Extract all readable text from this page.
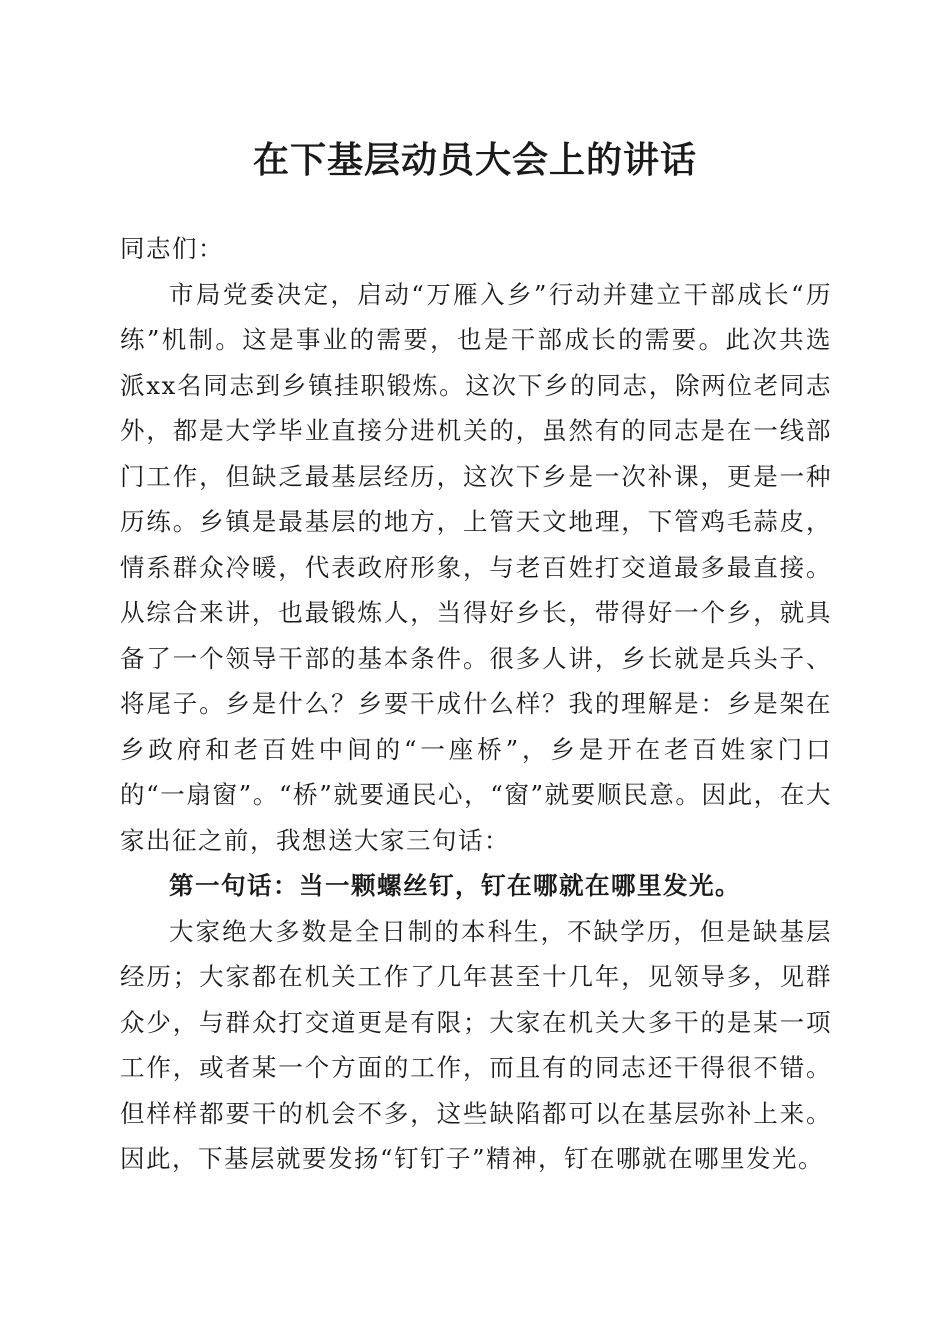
在下基层动员大会上的讲话

同志们：

市局党委决定，启动“万雁入乡”行动并建立干部成长“历练”机制。这是事业的需要，也是干部成长的需要。此次共选派xx名同志到乡镇挂职锻炼。这次下乡的同志，除两位老同志外，都是大学毕业直接分进机关的，虽然有的同志是在一线部门工作，但缺乏最基层经历，这次下乡是一次补课，更是一种历练。乡镇是最基层的地方，上管天文地理，下管鸡毛蒜皮，情系群众冷暖，代表政府形象，与老百姓打交道最多最直接。从综合来讲，也最锻炼人，当得好乡长，带得好一个乡，就具备了一个领导干部的基本条件。很多人讲，乡长就是兵头子、将尾子。乡是什么？乡要干成什么样？我的理解是：乡是架在乡政府和老百姓中间的“一座桥”，乡是开在老百姓家门口的“一扇窗”。“桥”就要通民心，“窗”就要顺民意。因此，在大家出征之前，我想送大家三句话：

第一句话：当一颗螺丝钉，钉在哪就在哪里发光。

大家绝大多数是全日制的本科生，不缺学历，但是缺基层经历；大家都在机关工作了几年甚至十几年，见领导多，见群众少，与群众打交道更是有限；大家在机关大多干的是某一项工作，或者某一个方面的工作，而且有的同志还干得很不错。但样样都要干的机会不多，这些缺陷都可以在基层弥补上来。因此，下基层就要发扬“钉钉子”精神，钉在哪就在哪里发光。
